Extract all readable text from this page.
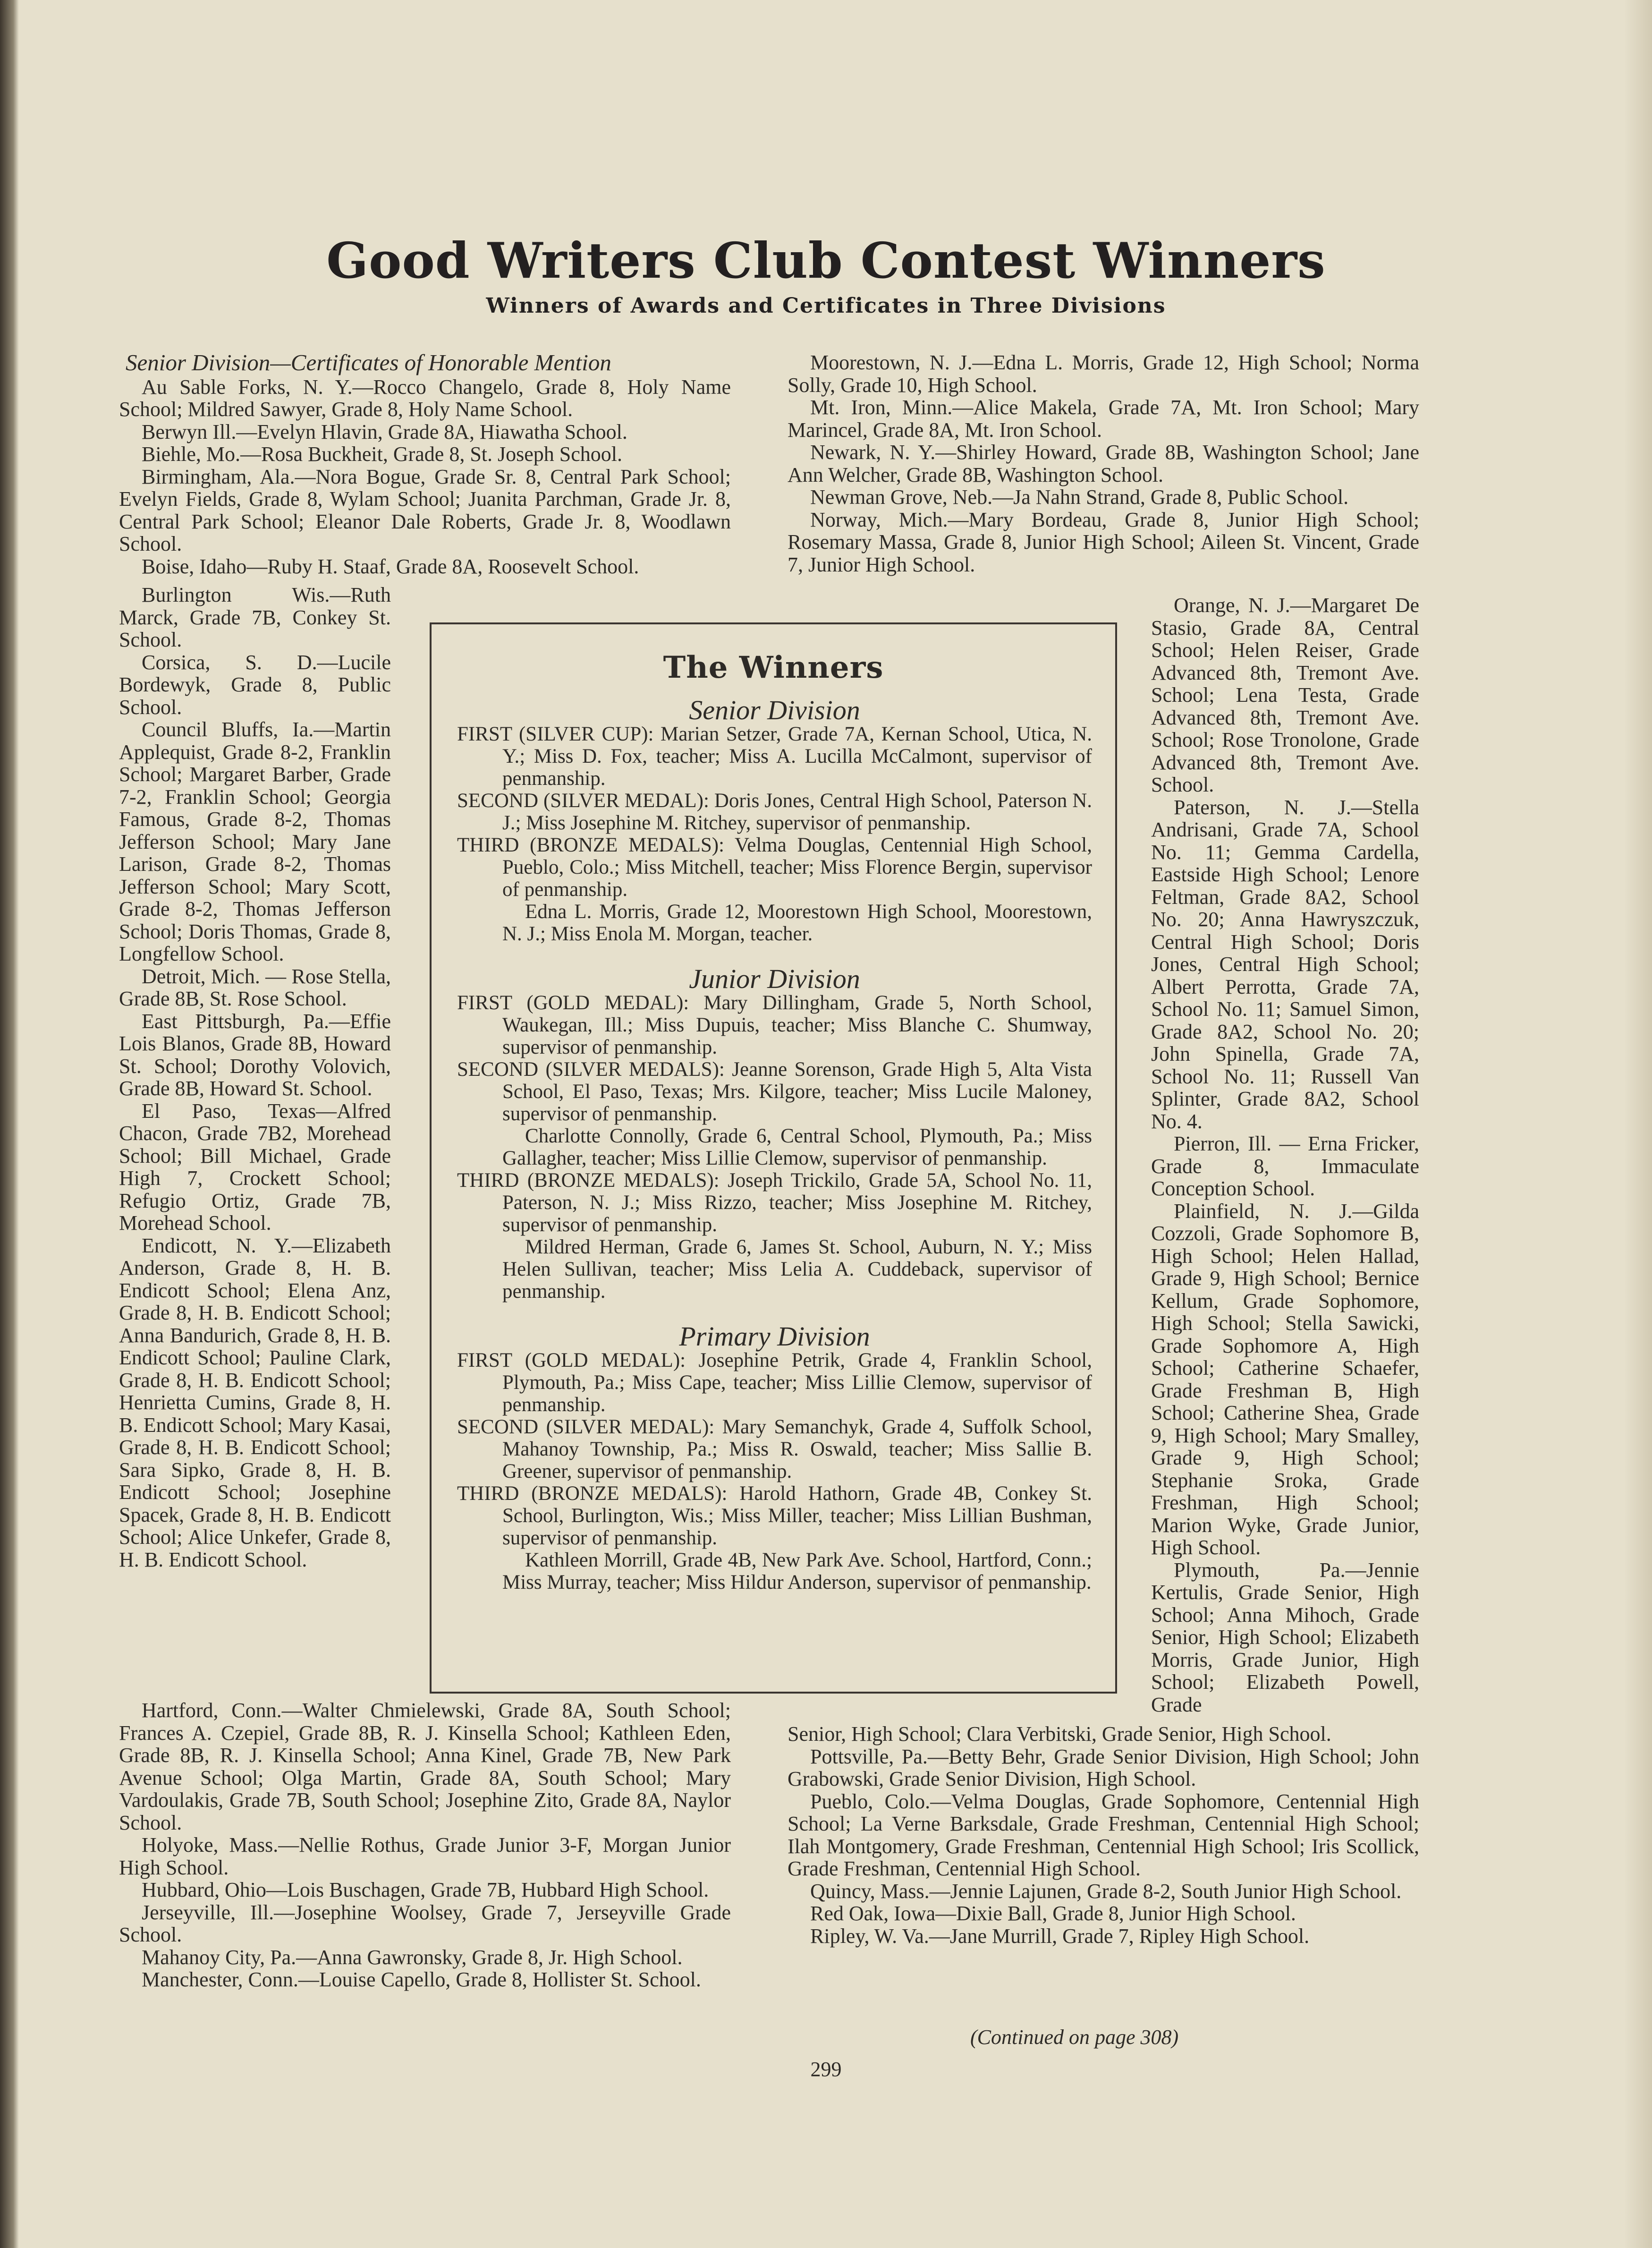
Good Writers Club Contest Winners
Winners of Awards and Certificates in Three Divisions

Senior Division—Certificates of Honorable Mention

Au Sable Forks, N. Y.—Rocco Changelo, Grade 8, Holy Name School; Mildred Sawyer, Grade 8, Holy Name School.

Berwyn Ill.—Evelyn Hlavin, Grade 8A, Hiawatha School.

Biehle, Mo.—Rosa Buckheit, Grade 8, St. Joseph School.

Birmingham, Ala.—Nora Bogue, Grade Sr. 8, Central Park School; Evelyn Fields, Grade 8, Wylam School; Juanita Parchman, Grade Jr. 8, Central Park School; Eleanor Dale Roberts, Grade Jr. 8, Woodlawn School.

Boise, Idaho—Ruby H. Staaf, Grade 8A, Roosevelt School.

Burlington Wis.—Ruth Marck, Grade 7B, Conkey St. School.

Corsica, S. D.—Lucile Bordewyk, Grade 8, Public School.

Council Bluffs, Ia.—Martin Applequist, Grade 8-2, Franklin School; Margaret Barber, Grade 7-2, Franklin School; Georgia Famous, Grade 8-2, Thomas Jefferson School; Mary Jane Larison, Grade 8-2, Thomas Jefferson School; Mary Scott, Grade 8-2, Thomas Jefferson School; Doris Thomas, Grade 8, Longfellow School.

Detroit, Mich. — Rose Stella, Grade 8B, St. Rose School.

East Pittsburgh, Pa.—Effie Lois Blanos, Grade 8B, Howard St. School; Dorothy Volovich, Grade 8B, Howard St. School.

El Paso, Texas—Alfred Chacon, Grade 7B2, Morehead School; Bill Michael, Grade High 7, Crockett School; Refugio Ortiz, Grade 7B, Morehead School.

Endicott, N. Y.—Elizabeth Anderson, Grade 8, H. B. Endicott School; Elena Anz, Grade 8, H. B. Endicott School; Anna Bandurich, Grade 8, H. B. Endicott School; Pauline Clark, Grade 8, H. B. Endicott School; Henrietta Cumins, Grade 8, H. B. Endicott School; Mary Kasai, Grade 8, H. B. Endicott School; Sara Sipko, Grade 8, H. B. Endicott School; Josephine Spacek, Grade 8, H. B. Endicott School; Alice Unkefer, Grade 8, H. B. Endicott School.

Hartford, Conn.—Walter Chmielewski, Grade 8A, South School; Frances A. Czepiel, Grade 8B, R. J. Kinsella School; Kathleen Eden, Grade 8B, R. J. Kinsella School; Anna Kinel, Grade 7B, New Park Avenue School; Olga Martin, Grade 8A, South School; Mary Vardoulakis, Grade 7B, South School; Josephine Zito, Grade 8A, Naylor School.

Holyoke, Mass.—Nellie Rothus, Grade Junior 3-F, Morgan Junior High School.

Hubbard, Ohio—Lois Buschagen, Grade 7B, Hubbard High School.

Jerseyville, Ill.—Josephine Woolsey, Grade 7, Jerseyville Grade School.

Mahanoy City, Pa.—Anna Gawronsky, Grade 8, Jr. High School.

Manchester, Conn.—Louise Capello, Grade 8, Hollister St. School.

Moorestown, N. J.—Edna L. Morris, Grade 12, High School; Norma Solly, Grade 10, High School.

Mt. Iron, Minn.—Alice Makela, Grade 7A, Mt. Iron School; Mary Marincel, Grade 8A, Mt. Iron School.

Newark, N. Y.—Shirley Howard, Grade 8B, Washington School; Jane Ann Welcher, Grade 8B, Washington School.

Newman Grove, Neb.—Ja Nahn Strand, Grade 8, Public School.

Norway, Mich.—Mary Bordeau, Grade 8, Junior High School; Rosemary Massa, Grade 8, Junior High School; Aileen St. Vincent, Grade 7, Junior High School.

Orange, N. J.—Margaret De Stasio, Grade 8A, Central School; Helen Reiser, Grade Advanced 8th, Tremont Ave. School; Lena Testa, Grade Advanced 8th, Tremont Ave. School; Rose Tronolone, Grade Advanced 8th, Tremont Ave. School.

Paterson, N. J.—Stella Andrisani, Grade 7A, School No. 11; Gemma Cardella, Eastside High School; Lenore Feltman, Grade 8A2, School No. 20; Anna Hawryszczuk, Central High School; Doris Jones, Central High School; Albert Perrotta, Grade 7A, School No. 11; Samuel Simon, Grade 8A2, School No. 20; John Spinella, Grade 7A, School No. 11; Russell Van Splinter, Grade 8A2, School No. 4.

Pierron, Ill. — Erna Fricker, Grade 8, Immaculate Conception School.

Plainfield, N. J.—Gilda Cozzoli, Grade Sophomore B, High School; Helen Hallad, Grade 9, High School; Bernice Kellum, Grade Sophomore, High School; Stella Sawicki, Grade Sophomore A, High School; Catherine Schaefer, Grade Freshman B, High School; Catherine Shea, Grade 9, High School; Mary Smalley, Grade 9, High School; Stephanie Sroka, Grade Freshman, High School; Marion Wyke, Grade Junior, High School.

Plymouth, Pa.—Jennie Kertulis, Grade Senior, High School; Anna Mihoch, Grade Senior, High School; Elizabeth Morris, Grade Junior, High School; Elizabeth Powell, Grade

Senior, High School; Clara Verbitski, Grade Senior, High School.

Pottsville, Pa.—Betty Behr, Grade Senior Division, High School; John Grabowski, Grade Senior Division, High School.

Pueblo, Colo.—Velma Douglas, Grade Sophomore, Centennial High School; La Verne Barksdale, Grade Freshman, Centennial High School; Ilah Montgomery, Grade Freshman, Centennial High School; Iris Scollick, Grade Freshman, Centennial High School.

Quincy, Mass.—Jennie Lajunen, Grade 8-2, South Junior High School.

Red Oak, Iowa—Dixie Ball, Grade 8, Junior High School.

Ripley, W. Va.—Jane Murrill, Grade 7, Ripley High School.

The Winners
Senior Division

FIRST (SILVER CUP): Marian Setzer, Grade 7A, Kernan School, Utica, N. Y.; Miss D. Fox, teacher; Miss A. Lucilla McCalmont, supervisor of penmanship.

SECOND (SILVER MEDAL): Doris Jones, Central High School, Paterson N. J.; Miss Josephine M. Ritchey, supervisor of penmanship.

THIRD (BRONZE MEDALS): Velma Douglas, Centennial High School, Pueblo, Colo.; Miss Mitchell, teacher; Miss Florence Bergin, supervisor of penmanship.

Edna L. Morris, Grade 12, Moorestown High School, Moorestown, N. J.; Miss Enola M. Morgan, teacher.

Junior Division

FIRST (GOLD MEDAL): Mary Dillingham, Grade 5, North School, Waukegan, Ill.; Miss Dupuis, teacher; Miss Blanche C. Shumway, supervisor of penmanship.

SECOND (SILVER MEDALS): Jeanne Sorenson, Grade High 5, Alta Vista School, El Paso, Texas; Mrs. Kilgore, teacher; Miss Lucile Maloney, supervisor of penmanship.

Charlotte Connolly, Grade 6, Central School, Plymouth, Pa.; Miss Gallagher, teacher; Miss Lillie Clemow, supervisor of penmanship.

THIRD (BRONZE MEDALS): Joseph Trickilo, Grade 5A, School No. 11, Paterson, N. J.; Miss Rizzo, teacher; Miss Josephine M. Ritchey, supervisor of penmanship.

Mildred Herman, Grade 6, James St. School, Auburn, N. Y.; Miss Helen Sullivan, teacher; Miss Lelia A. Cuddeback, supervisor of penmanship.

Primary Division

FIRST (GOLD MEDAL): Josephine Petrik, Grade 4, Franklin School, Plymouth, Pa.; Miss Cape, teacher; Miss Lillie Clemow, supervisor of penmanship.

SECOND (SILVER MEDAL): Mary Semanchyk, Grade 4, Suffolk School, Mahanoy Township, Pa.; Miss R. Oswald, teacher; Miss Sallie B. Greener, supervisor of penmanship.

THIRD (BRONZE MEDALS): Harold Hathorn, Grade 4B, Conkey St. School, Burlington, Wis.; Miss Miller, teacher; Miss Lillian Bushman, supervisor of penmanship.

Kathleen Morrill, Grade 4B, New Park Ave. School, Hartford, Conn.; Miss Murray, teacher; Miss Hildur Anderson, supervisor of penmanship.

(Continued on page 308)
299
